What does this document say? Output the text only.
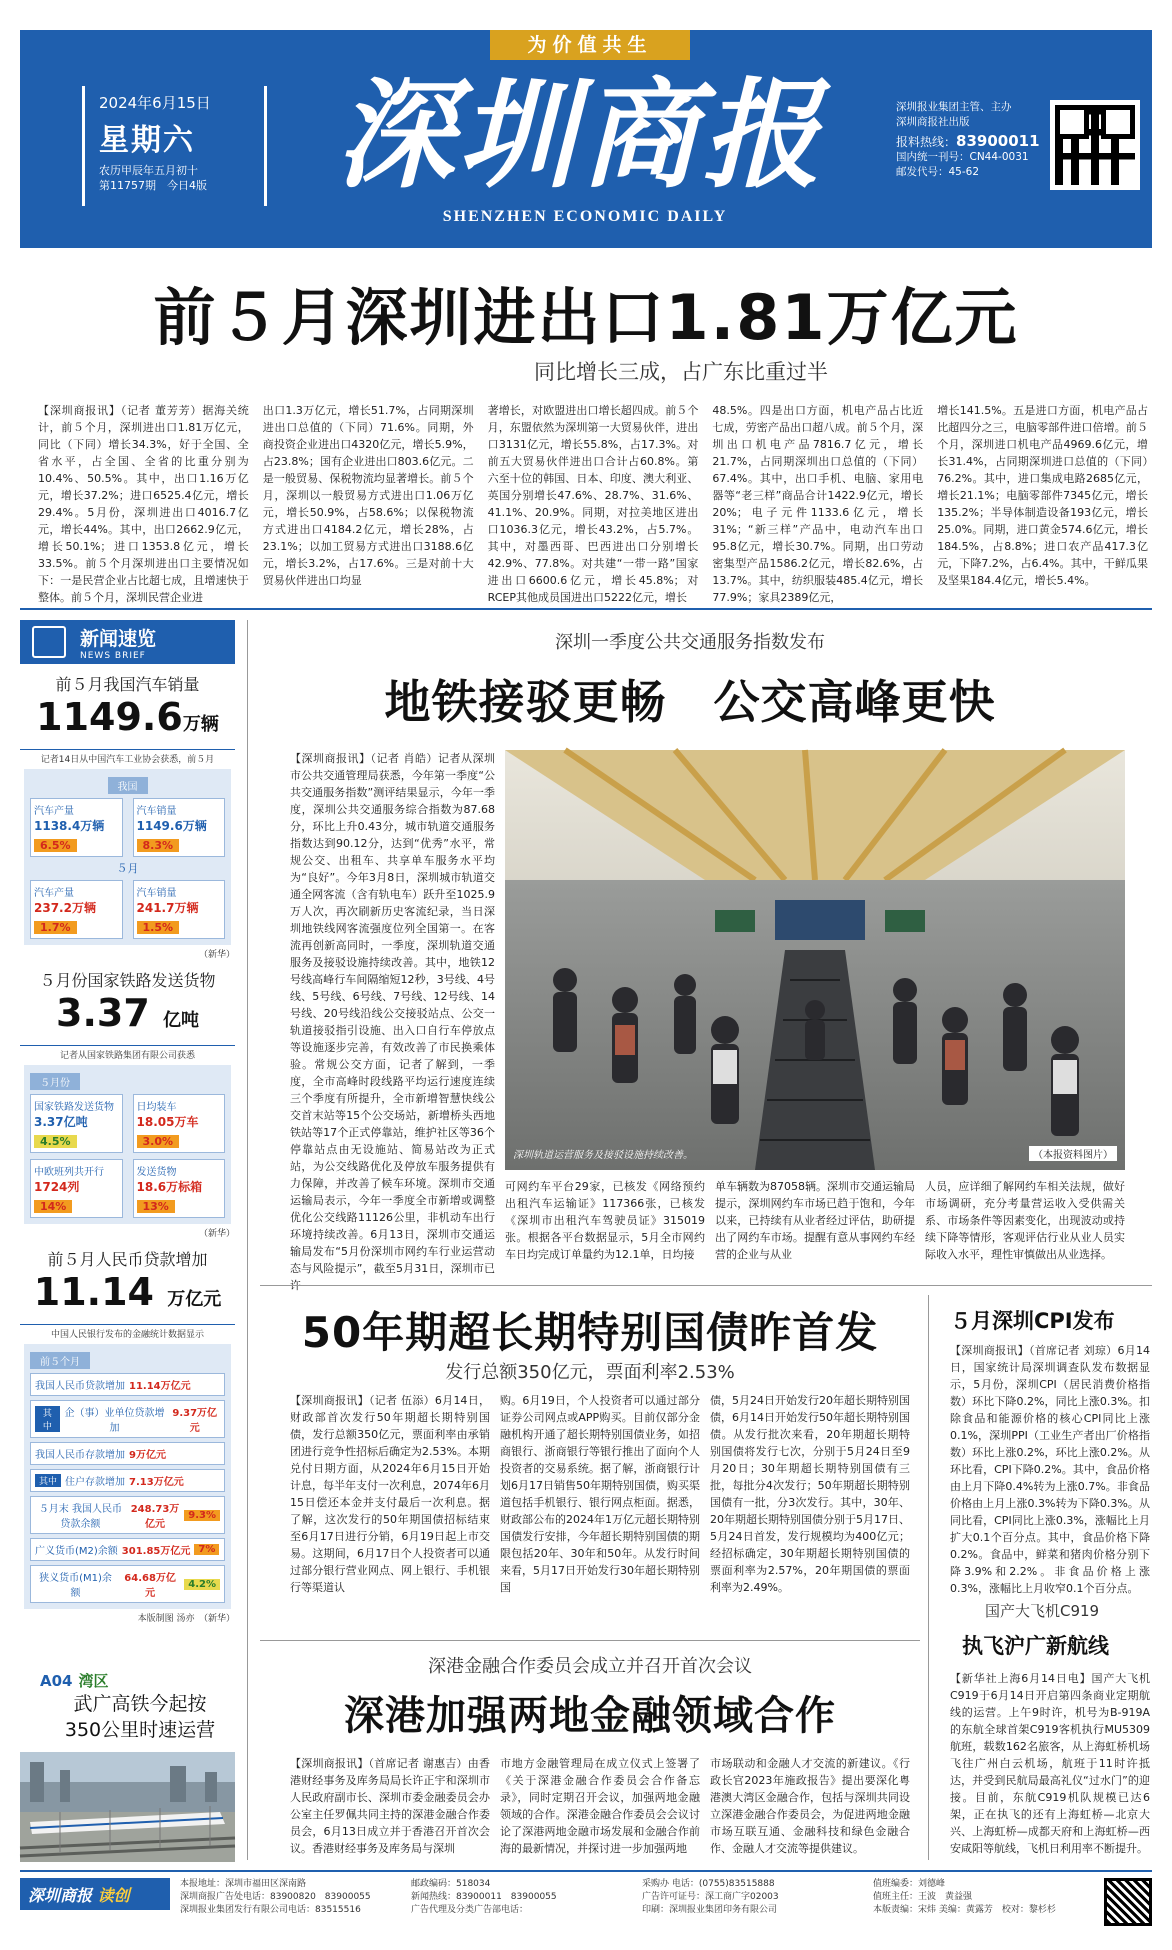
为价值共生
2024年6月15日
星期六
农历甲辰年五月初十
第11757期　今日4版	深圳商报
SHENZHEN ECONOMIC DAILY
深圳报业集团主管、主办
深圳商报社出版
报料热线：83900011
国内统一刊号：CN44-0031
邮发代号：45-62
前５月深圳进出口1.81万亿元
同比增长三成，占广东比重过半

【深圳商报讯】（记者 董芳芳）据海关统计，前５个月，深圳进出口1.81万亿元，同比（下同）增长34.3%，好于全国、全省水平，占全国、全省的比重分别为10.4%、50.5%。其中，出口1.16万亿元，增长37.2%；进口6525.4亿元，增长29.4%。5月份，深圳进出口4016.7亿元，增长44%。其中，出口2662.9亿元，增长50.1%；进口1353.8亿元，增长33.5%。前５个月深圳进出口主要情况如下：一是民营企业占比超七成，且增速快于整体。前５个月，深圳民营企业进

出口1.3万亿元，增长51.7%，占同期深圳进出口总值的（下同）71.6%。同期，外商投资企业进出口4320亿元，增长5.9%，占23.8%；国有企业进出口803.6亿元。二是一般贸易、保税物流均显著增长。前５个月，深圳以一般贸易方式进出口1.06万亿元，增长50.9%，占58.6%；以保税物流方式进出口4184.2亿元，增长28%，占23.1%；以加工贸易方式进出口3188.6亿元，增长3.2%，占17.6%。三是对前十大贸易伙伴进出口均显

著增长，对欧盟进出口增长超四成。前５个月，东盟依然为深圳第一大贸易伙伴，进出口3131亿元，增长55.8%，占17.3%。对前五大贸易伙伴进出口合计占60.8%。第六至十位的韩国、日本、印度、澳大利亚、英国分别增长47.6%、28.7%、31.6%、41.1%、20.9%。同期，对拉美地区进出口1036.3亿元，增长43.2%，占5.7%。其中，对墨西哥、巴西进出口分别增长42.9%、77.8%。对共建“一带一路”国家进出口6600.6亿元，增长45.8%；对RCEP其他成员国进出口5222亿元，增长

48.5%。四是出口方面，机电产品占比近七成，劳密产品出口超八成。前５个月，深圳出口机电产品7816.7亿元，增长21.7%，占同期深圳出口总值的（下同）67.4%。其中，出口手机、电脑、家用电器等“老三样”商品合计1422.9亿元，增长20%；电子元件1133.6亿元，增长31%；“新三样”产品中，电动汽车出口95.8亿元，增长30.7%。同期，出口劳动密集型产品1586.2亿元，增长82.6%，占13.7%。其中，纺织服装485.4亿元，增长77.9%；家具2389亿元，

增长141.5%。五是进口方面，机电产品占比超四分之三，电脑零部件进口倍增。前５个月，深圳进口机电产品4969.6亿元，增长31.4%，占同期深圳进口总值的（下同）76.2%。其中，进口集成电路2685亿元，增长21.1%；电脑零部件7345亿元，增长135.2%；半导体制造设备193亿元，增长25.0%。同期，进口黄金574.6亿元，增长184.5%，占8.8%；进口农产品417.3亿元，下降7.2%，占6.4%。其中，干鲜瓜果及坚果184.4亿元，增长5.4%。

新闻速览
NEWS BRIEF
前５月我国汽车销量
1149.6万辆
记者14日从中国汽车工业协会获悉，前５月
我国
汽车产量
1138.4万辆
6.5%
汽车销量
1149.6万辆
8.3%
５月
汽车产量
237.2万辆
1.7%
汽车销量
241.7万辆
1.5%
（新华）
５月份国家铁路发送货物
3.37 亿吨
记者从国家铁路集团有限公司获悉
５月份
国家铁路发送货物
3.37亿吨
4.5%
日均装车
18.05万车
3.0%
中欧班列共开行
1724列
14%
发送货物
18.6万标箱
13%
（新华）
前５月人民币贷款增加
11.14 万亿元
中国人民银行发布的金融统计数据显示
前５个月
我国人民币贷款增加 11.14万亿元
其中
企（事）业单位贷款增加
9.37万亿元
我国人民币存款增加 9万亿元
其中 住户存款增加 7.13万亿元
５月末 我国人民币贷款余额
248.73万亿元
9.3%
广义货币(M2)余额 301.85万亿元 7%
狭义货币(M1)余额
64.68万亿元
4.2%
本版制图 汤亦　（新华）
深圳一季度公共交通服务指数发布
地铁接驳更畅　公交高峰更快

【深圳商报讯】（记者 肖皓）记者从深圳市公共交通管理局获悉，今年第一季度“公共交通服务指数”测评结果显示，今年一季度，深圳公共交通服务综合指数为87.68分，环比上升0.43分，城市轨道交通服务指数达到90.12分，达到“优秀”水平，常规公交、出租车、共享单车服务水平均为“良好”。今年3月8日，深圳城市轨道交通全网客流（含有轨电车）跃升至1025.9万人次，再次刷新历史客流纪录，当日深圳地铁线网客流强度位列全国第一。在客流再创新高同时，一季度，深圳轨道交通服务及接驳设施持续改善。其中，地铁12号线高峰行车间隔缩短12秒，3号线、4号线、5号线、6号线、7号线、12号线、14号线、20号线沿线公交接驳站点、公交一轨道接驳指引设施、出入口自行车停放点等设施逐步完善，有效改善了市民换乘体验。常规公交方面，记者了解到，一季度，全市高峰时段线路平均运行速度连续三个季度有所提升，全市新增智慧快线公交首末站等15个公交场站，新增桥头西地铁站等17个正式停靠站，维护社区等36个停靠站点由无设施站、简易站改为正式站，为公交线路优化及停放车服务提供有力保障，并改善了候车环境。深圳市交通运输局表示，今年一季度全市新增或调整优化公交线路11126公里，非机动车出行环境持续改善。6月13日，深圳市交通运输局发布“5月份深圳市网约车行业运营动态与风险提示”，截至5月31日，深圳市已许

深圳轨道运营服务及接驳设施持续改善。	（本报资料图片）

可网约车平台29家，已核发《网络预约出租汽车运输证》117366张，已核发《深圳市出租汽车驾驶员证》315019张。根据各平台数据显示，5月全市网约车日均完成订单量约为12.1单，日均接

单车辆数为87058辆。深圳市交通运输局提示，深圳网约车市场已趋于饱和，今年以来，已持续有从业者经过评估，助研提出了网约车市场。提醒有意从事网约车经营的企业与从业

人员，应详细了解网约车相关法规，做好市场调研，充分考量营运收入受供需关系、市场条件等因素变化，出现波动或持续下降等情形，客观评估行业从业人员实际收入水平，理性审慎做出从业选择。

50年期超长期特别国债昨首发
发行总额350亿元，票面利率2.53%

【深圳商报讯】（记者 伍添）6月14日，财政部首次发行50年期超长期特别国债，发行总额350亿元，票面利率由承销团进行竞争性招标后确定为2.53%。本期兑付日期方面，从2024年6月15日开始计息，每半年支付一次利息，2074年6月15日偿还本金并支付最后一次利息。据了解，这次发行的50年期国债招标结束至6月17日进行分销，6月19日起上市交易。这期间，6月17日个人投资者可以通过部分银行营业网点、网上银行、手机银行等渠道认

购。6月19日，个人投资者可以通过部分证券公司网点或APP购买。目前仅部分金融机构开通了超长期特别国债业务，如招商银行、浙商银行等银行推出了面向个人投资者的交易系统。据了解，浙商银行计划6月17日销售50年期特别国债，购买渠道包括手机银行、银行网点柜面。据悉，财政部公布的2024年1万亿元超长期特别国债发行安排，今年超长期特别国债的期限包括20年、30年和50年。从发行时间来看，5月17日开始发行30年超长期特别国

债，5月24日开始发行20年超长期特别国债，6月14日开始发行50年超长期特别国债。从发行批次来看，20年期超长期特别国债将发行七次，分别于5月24日至9月20日；30年期超长期特别国债有三批，每批分4次发行；50年期超长期特别国债有一批，分3次发行。其中，30年、20年期超长期特别国债分别于5月17日、5月24日首发，发行规模均为400亿元；经招标确定，30年期超长期特别国债的票面利率为2.57%，20年期国债的票面利率为2.49%。

５月深圳CPI发布

【深圳商报讯】（首席记者 刘琼）6月14日，国家统计局深圳调查队发布数据显示，5月份，深圳CPI（居民消费价格指数）环比下降0.2%，同比上涨0.3%。扣除食品和能源价格的核心CPI同比上涨0.1%，深圳PPI（工业生产者出厂价格指数）环比上涨0.2%，环比上涨0.2%。从环比看，CPI下降0.2%。其中，食品价格由上月下降0.4%转为上涨0.7%。非食品价格由上月上涨0.3%转为下降0.3%。从同比看，CPI同比上涨0.3%，涨幅比上月扩大0.1个百分点。其中，食品价格下降0.2%。食品中，鲜菜和猪肉价格分别下降3.9%和2.2%。非食品价格上涨0.3%，涨幅比上月收窄0.1个百分点。

国产大飞机C919
执飞沪广新航线

【新华社上海6月14日电】国产大飞机C919于6月14日开启第四条商业定期航线的运营。上午9时许，机号为B-919A的东航全球首架C919客机执行MU5309航班，载数162名旅客，从上海虹桥机场飞往广州白云机场，航班于11时许抵达，并受到民航局最高礼仪“过水门”的迎接。目前，东航C919机队规模已达6架，正在执飞的还有上海虹桥—北京大兴、上海虹桥—成都天府和上海虹桥—西安咸阳等航线，飞机日利用率不断提升。

深港金融合作委员会成立并召开首次会议
深港加强两地金融领域合作

【深圳商报讯】（首席记者 谢惠吉）由香港财经事务及库务局局长许正宇和深圳市人民政府副市长、深圳市委金融委员会办公室主任罗佩共同主持的深港金融合作委员会，6月13日成立并于香港召开首次会议。香港财经事务及库务局与深圳

市地方金融管理局在成立仪式上签署了《关于深港金融合作委员会合作备忘录》，同时定期召开会议，加强两地金融领域的合作。深港金融合作委员会会议讨论了深港两地金融市场发展和金融合作前海的最新情况，并探讨进一步加强两地

市场联动和金融人才交流的新建议。《行政长官2023年施政报告》提出要深化粤港澳大湾区金融合作，包括与深圳共同设立深港金融合作委员会，为促进两地金融市场互联互通、金融科技和绿色金融合作、金融人才交流等提供建议。

A04 湾区
武广高铁今起按
350公里时速运营
深圳商报 读创
本报地址：深圳市福田区深南路	邮政编码：518034	采购办 电话：(0755)83515888	值班编委：刘德峰
深圳商报广告处电话：83900820　83900055	新闻热线：83900011　83900055	广告许可证号：深工商广字02003	值班主任：王波　黄益强
深圳报业集团发行有限公司电话：83515516	广告代理及分类广告部电话：	印刷：深圳报业集团印务有限公司	本版责编：宋炜 美编：黄露芳　校对：黎杉杉
